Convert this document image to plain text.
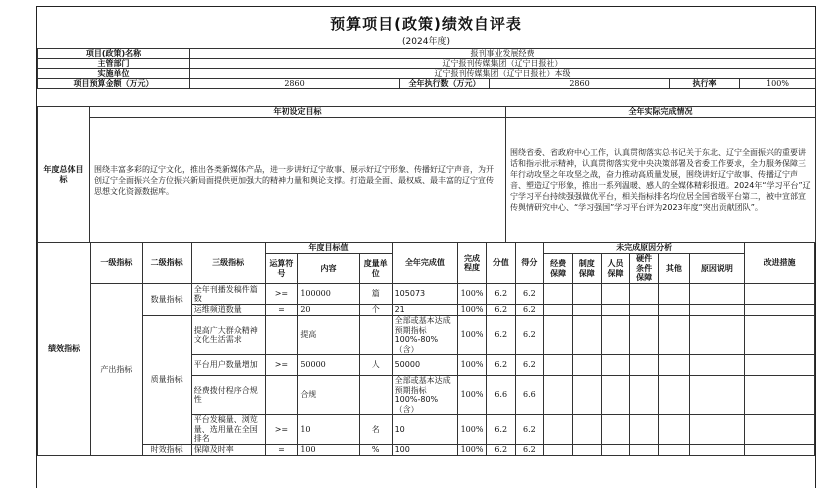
预算项目(政策)绩效自评表
(2024年度)
项目(政策)名称	报刊事业发展经费				
主管部门	辽宁报刊传媒集团（辽宁日报社）				
实施单位	辽宁报刊传媒集团（辽宁日报社）本级				
项目预算金额（万元）	2860	全年执行数（万元）	2860	执行率	100%
年度总体目标	年初设定目标	全年实际完成情况
	围绕丰富多彩的辽宁文化，推出各类新媒体产品，进一步讲好辽宁故事、展示好辽宁形象、传播好辽宁声音，为开创辽宁全面振兴全方位振兴新局面提供更加强大的精神力量和舆论支撑。打造最全面、最权威、最丰富的辽宁宣传思想文化资源数据库。	围绕省委、省政府中心工作，认真贯彻落实总书记关于东北、辽宁全面振兴的重要讲话和指示批示精神，认真贯彻落实党中央决策部署及省委工作要求，全力服务保障三年行动攻坚之年攻坚之战，奋力推动高质量发展，围绕讲好辽宁故事、传播辽宁声音、塑造辽宁形象，推出一系列温暖、感人的全媒体精彩报道。2024年“学习平台”辽宁学习平台持续强强做优平台，相关指标排名均位居全国省级平台第二，被中宣部宣传舆情研究中心、“学习强国”学习平台评为2023年度“突出贡献团队”。
绩效指标	一级指标	二级指标	三级指标	年度目标值			全年完成值	完成程度	分值	得分	未完成原因分析						改进措施
				运算符号	内容	度量单位					经费保障	制度保障	人员保障	硬件条件保障	其他	原因说明	
	产出指标	数量指标	全年刊播发稿件篇数	>=	100000	篇	105073	100%	6.2	6.2							
			运维频道数量	=	20	个	21	100%	6.2	6.2							
		质量指标	提高广大群众精神文化生活需求		提高		全部或基本达成预期指标100%-80%（含）	100%	6.2	6.2							
			平台用户数量增加	>=	50000	人	50000	100%	6.2	6.2							
			经费拨付程序合规性		合规		全部或基本达成预期指标100%-80%（含）	100%	6.6	6.6							
			平台发稿量、浏览量、选用量在全国排名	>=	10	名	10	100%	6.2	6.2							
		时效指标	保障及时率	=	100	%	100	100%	6.2	6.2							
